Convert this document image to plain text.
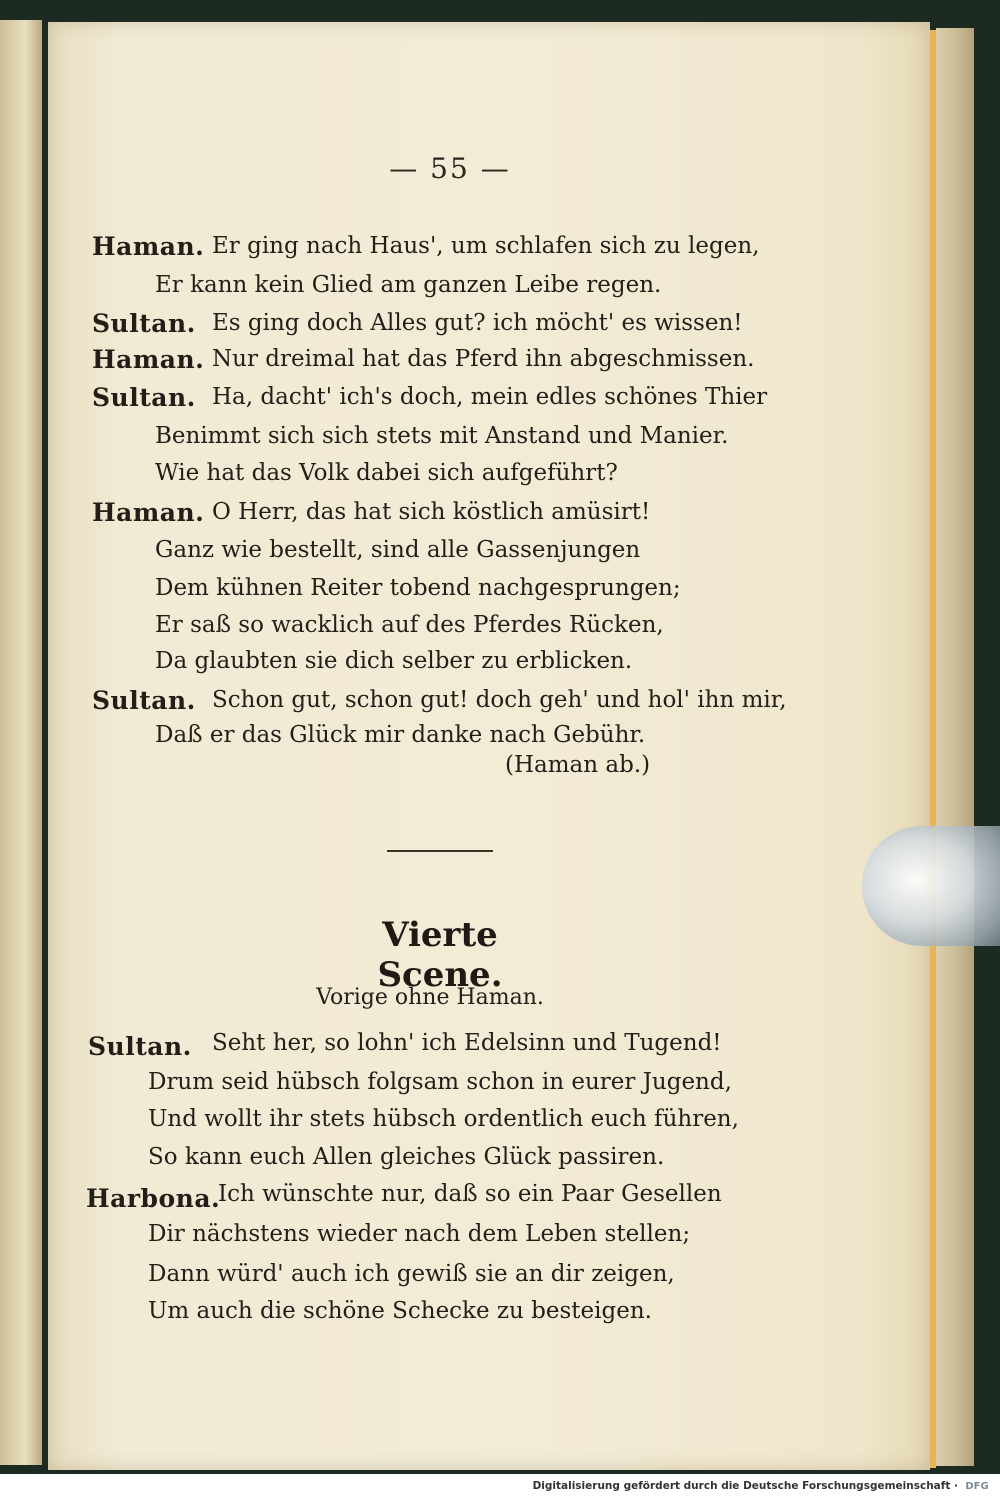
— 55 —
Haman. Er ging nach Haus', um schlafen sich zu legen,
Er kann kein Glied am ganzen Leibe regen.
Sultan. Es ging doch Alles gut? ich möcht' es wissen!
Haman. Nur dreimal hat das Pferd ihn abgeschmissen.
Sultan. Ha, dacht' ich's doch, mein edles schönes Thier
Benimmt sich sich stets mit Anstand und Manier.
Wie hat das Volk dabei sich aufgeführt?
Haman. O Herr, das hat sich köstlich amüsirt!
Ganz wie bestellt, sind alle Gassenjungen
Dem kühnen Reiter tobend nachgesprungen;
Er saß so wacklich auf des Pferdes Rücken,
Da glaubten sie dich selber zu erblicken.
Sultan. Schon gut, schon gut! doch geh' und hol' ihn mir,
Daß er das Glück mir danke nach Gebühr.
(Haman ab.)
Vierte Scene.
Vorige ohne Haman.
Sultan. Seht her, so lohn' ich Edelsinn und Tugend!
Drum seid hübsch folgsam schon in eurer Jugend,
Und wollt ihr stets hübsch ordentlich euch führen,
So kann euch Allen gleiches Glück passiren.
Harbona.
Ich wünschte nur, daß so ein Paar Gesellen
Dir nächstens wieder nach dem Leben stellen;
Dann würd' auch ich gewiß sie an dir zeigen,
Um auch die schöne Schecke zu besteigen.
Digitalisierung gefördert durch die Deutsche Forschungsgemeinschaft · DFG
